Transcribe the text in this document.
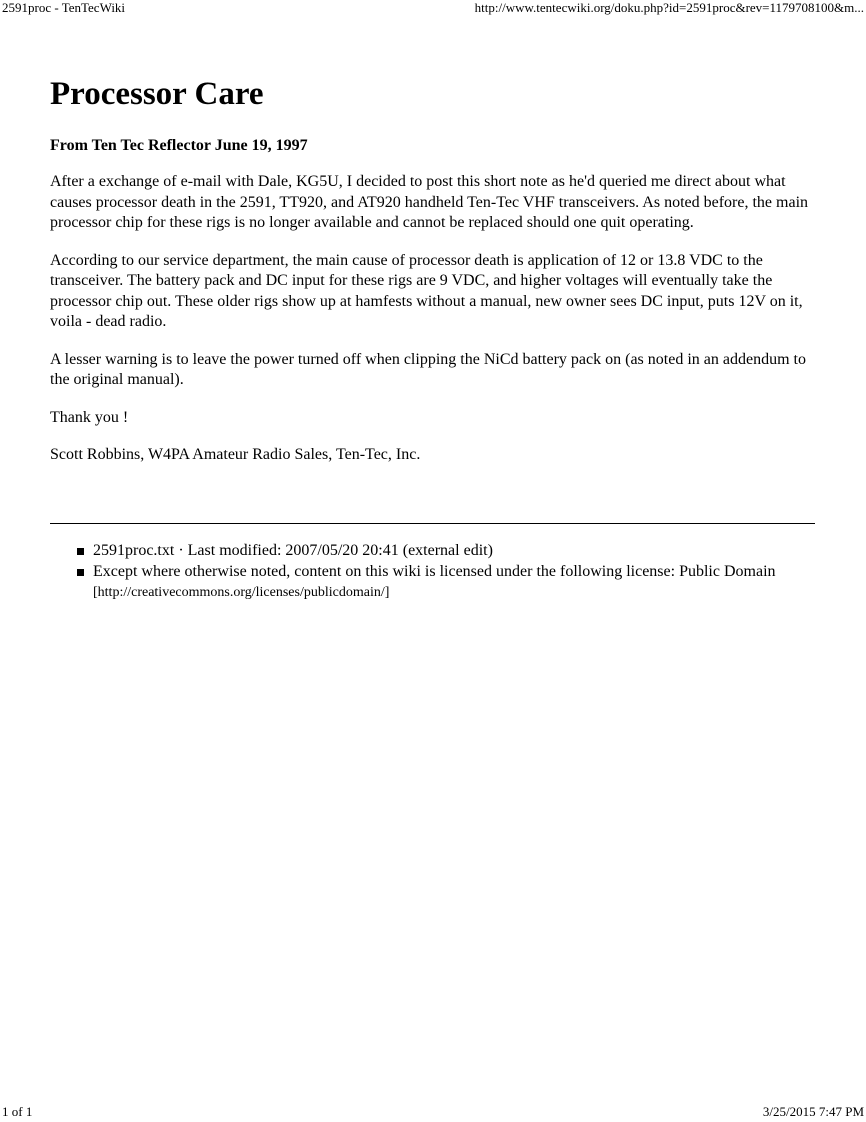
2591proc - TenTecWiki	http://www.tentecwiki.org/doku.php?id=2591proc&rev=1179708100&m...
Processor Care
From Ten Tec Reflector June 19, 1997

After a exchange of e-mail with Dale, KG5U, I decided to post this short note as he'd queried me direct about what causes processor death in the 2591, TT920, and AT920 handheld Ten-Tec VHF transceivers. As noted before, the main processor chip for these rigs is no longer available and cannot be replaced should one quit operating.

According to our service department, the main cause of processor death is application of 12 or 13.8 VDC to the transceiver. The battery pack and DC input for these rigs are 9 VDC, and higher voltages will eventually take the processor chip out. These older rigs show up at hamfests without a manual, new owner sees DC input, puts 12V on it, voila - dead radio.

A lesser warning is to leave the power turned off when clipping the NiCd battery pack on (as noted in an addendum to the original manual).

Thank you !

Scott Robbins, W4PA Amateur Radio Sales, Ten-Tec, Inc.

2591proc.txt · Last modified: 2007/05/20 20:41 (external edit)
Except where otherwise noted, content on this wiki is licensed under the following license: Public Domain
[http://creativecommons.org/licenses/publicdomain/]
1 of 1	3/25/2015 7:47 PM
